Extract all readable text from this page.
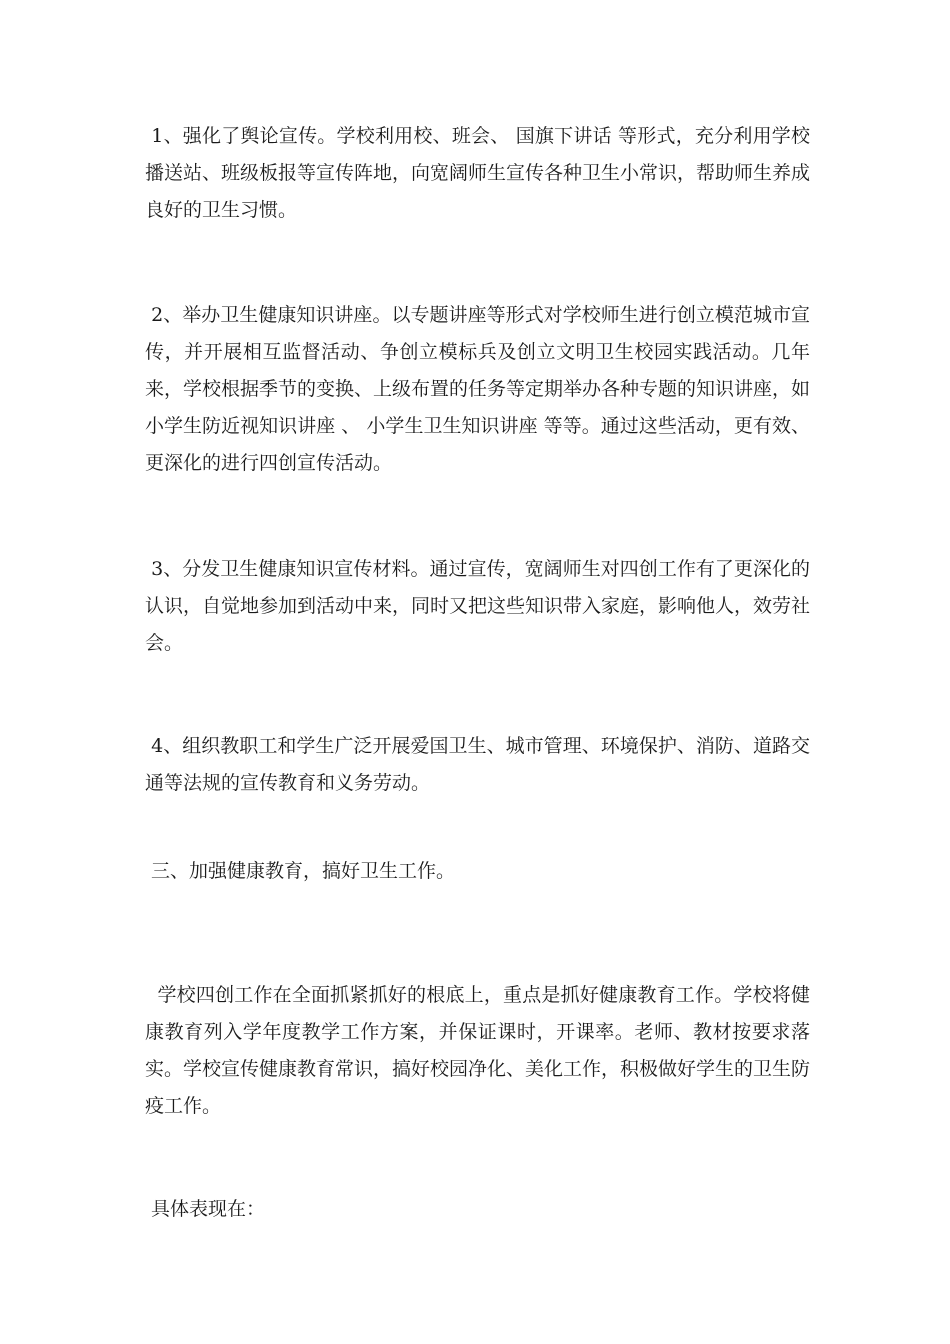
1、强化了舆论宣传。学校利用校、班会、 国旗下讲话 等形式，充分利用学校播送站、班级板报等宣传阵地，向宽阔师生宣传各种卫生小常识，帮助师生养成良好的卫生习惯。

2、举办卫生健康知识讲座。以专题讲座等形式对学校师生进行创立模范城市宣传，并开展相互监督活动、争创立模标兵及创立文明卫生校园实践活动。几年来，学校根据季节的变换、上级布置的任务等定期举办各种专题的知识讲座，如 小学生防近视知识讲座 、 小学生卫生知识讲座 等等。通过这些活动，更有效、更深化的进行四创宣传活动。

3、分发卫生健康知识宣传材料。通过宣传，宽阔师生对四创工作有了更深化的认识，自觉地参加到活动中来，同时又把这些知识带入家庭，影响他人，效劳社会。

4、组织教职工和学生广泛开展爱国卫生、城市管理、环境保护、消防、道路交通等法规的宣传教育和义务劳动。

三、加强健康教育，搞好卫生工作。

学校四创工作在全面抓紧抓好的根底上，重点是抓好健康教育工作。学校将健康教育列入学年度教学工作方案，并保证课时，开课率。老师、教材按要求落实。学校宣传健康教育常识，搞好校园净化、美化工作，积极做好学生的卫生防疫工作。

具体表现在：
